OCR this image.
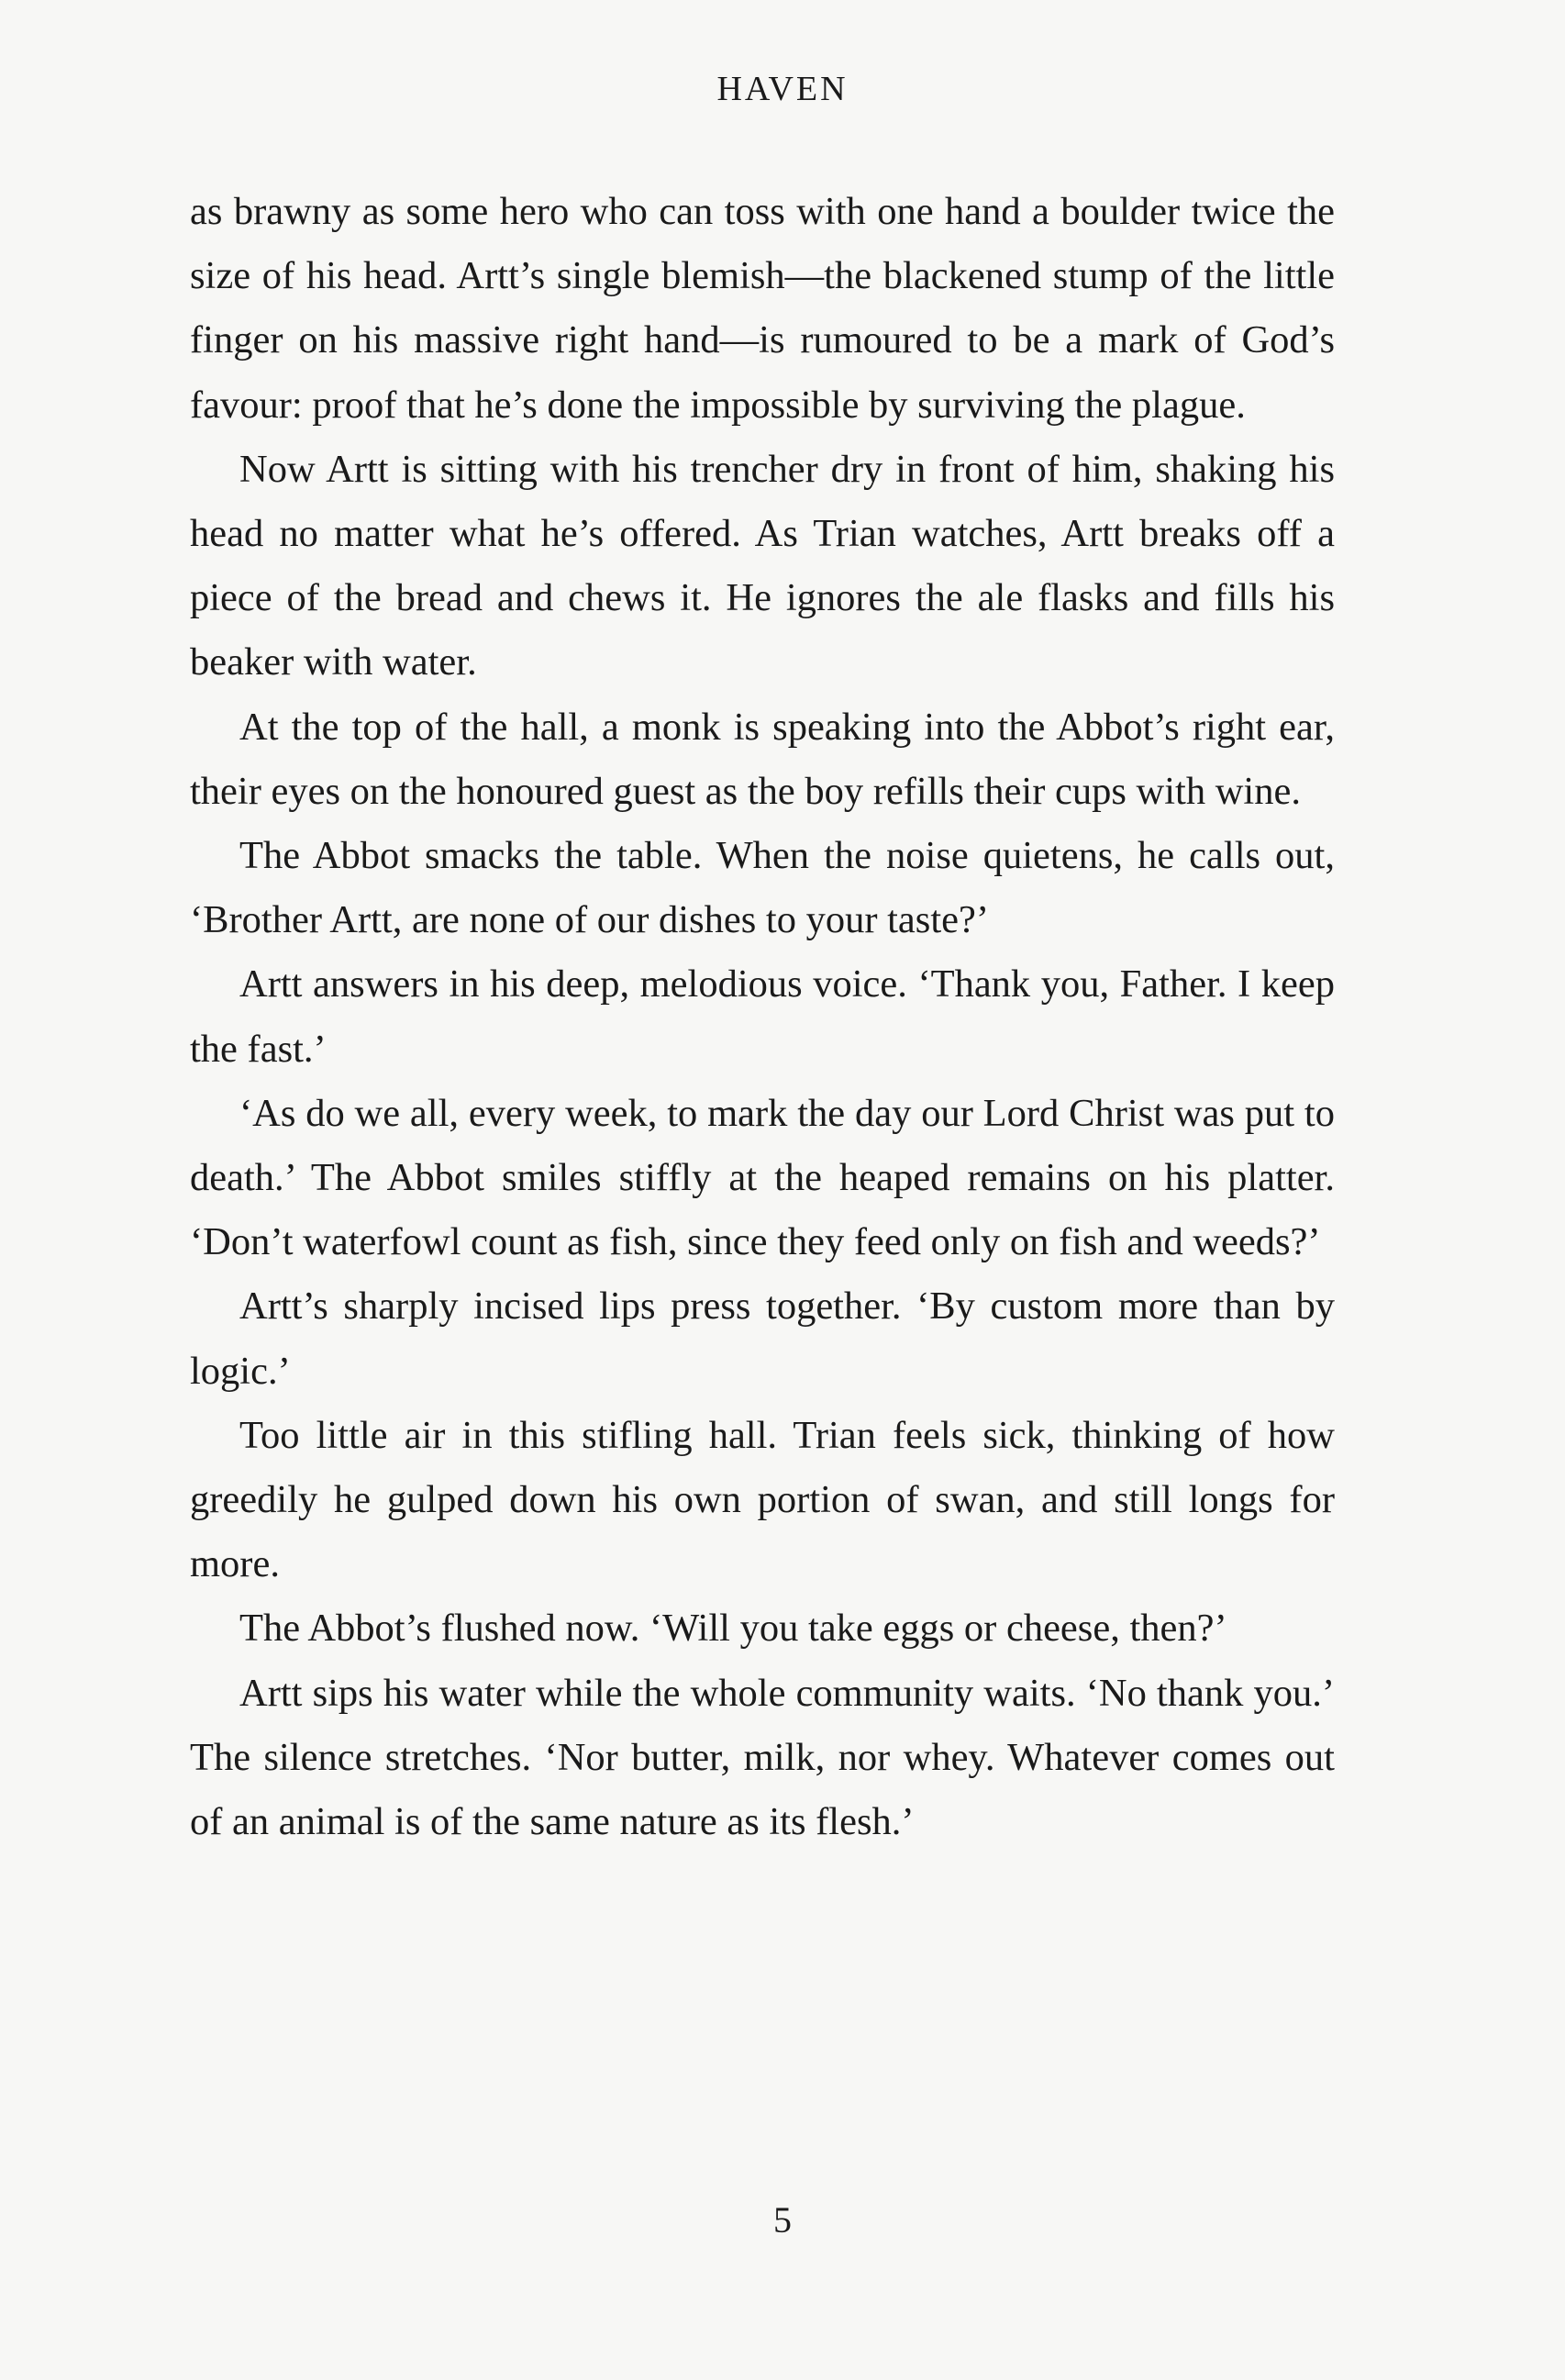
HAVEN

as brawny as some hero who can toss with one hand a boulder twice the size of his head. Artt’s single blemish—the blackened stump of the little finger on his massive right hand—is rumoured to be a mark of God’s favour: proof that he’s done the impossible by surviving the plague.

Now Artt is sitting with his trencher dry in front of him, shaking his head no matter what he’s offered. As Trian watches, Artt breaks off a piece of the bread and chews it. He ignores the ale flasks and fills his beaker with water.

At the top of the hall, a monk is speaking into the Abbot’s right ear, their eyes on the honoured guest as the boy refills their cups with wine.

The Abbot smacks the table. When the noise quietens, he calls out, ‘Brother Artt, are none of our dishes to your taste?’

Artt answers in his deep, melodious voice. ‘Thank you, Father. I keep the fast.’

‘As do we all, every week, to mark the day our Lord Christ was put to death.’ The Abbot smiles stiffly at the heaped remains on his platter. ‘Don’t waterfowl count as fish, since they feed only on fish and weeds?’

Artt’s sharply incised lips press together. ‘By custom more than by logic.’

Too little air in this stifling hall. Trian feels sick, thinking of how greedily he gulped down his own portion of swan, and still longs for more.

The Abbot’s flushed now. ‘Will you take eggs or cheese, then?’

Artt sips his water while the whole community waits. ‘No thank you.’ The silence stretches. ‘Nor butter, milk, nor whey. Whatever comes out of an animal is of the same nature as its flesh.’

5
